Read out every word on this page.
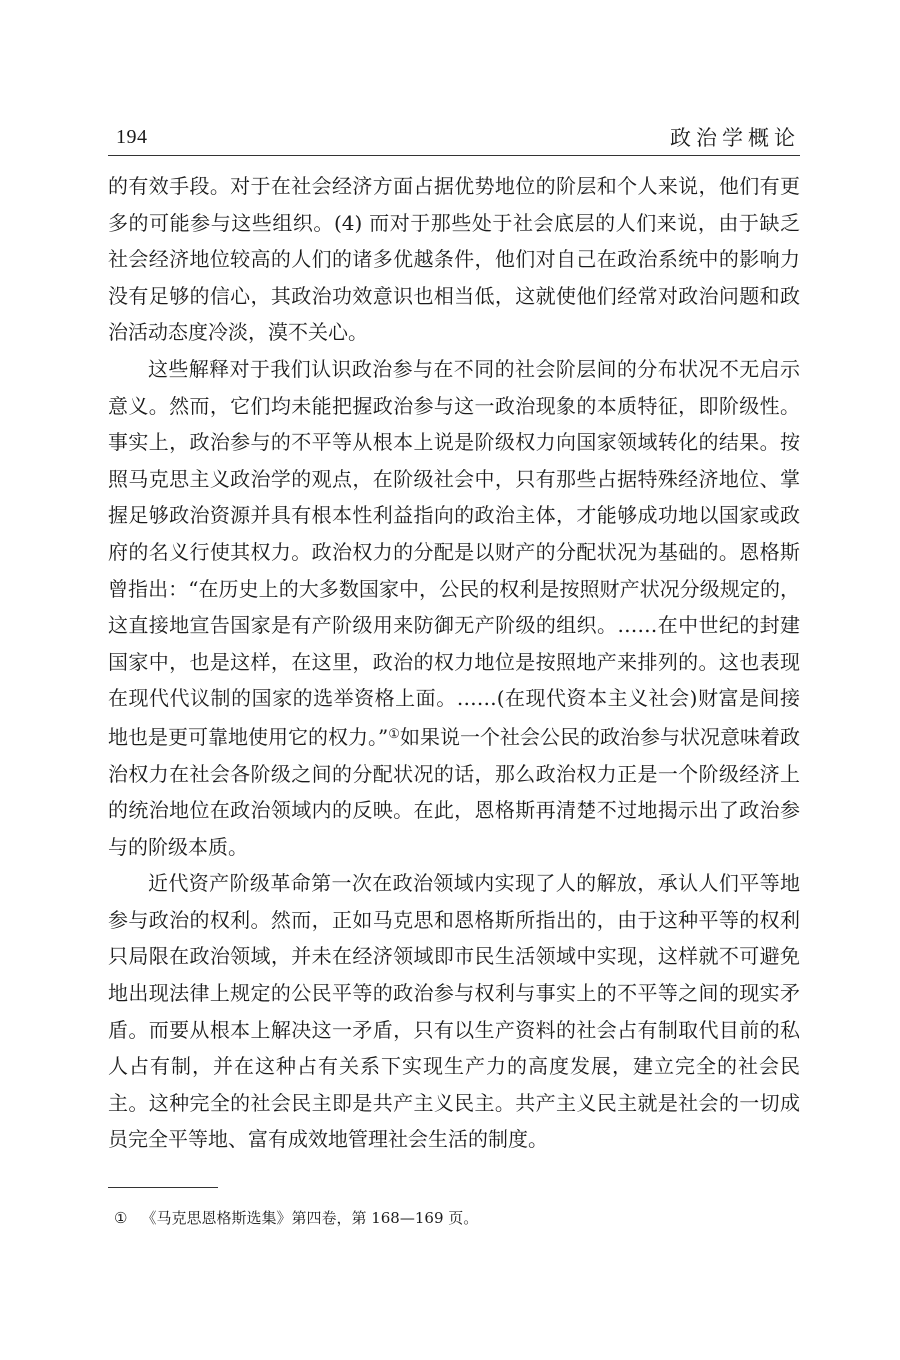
194	政治学概论

的有效手段。对于在社会经济方面占据优势地位的阶层和个人来说，他们有更多的可能参与这些组织。(4) 而对于那些处于社会底层的人们来说，由于缺乏社会经济地位较高的人们的诸多优越条件，他们对自己在政治系统中的影响力没有足够的信心，其政治功效意识也相当低，这就使他们经常对政治问题和政治活动态度冷淡，漠不关心。

这些解释对于我们认识政治参与在不同的社会阶层间的分布状况不无启示意义。然而，它们均未能把握政治参与这一政治现象的本质特征，即阶级性。事实上，政治参与的不平等从根本上说是阶级权力向国家领域转化的结果。按照马克思主义政治学的观点，在阶级社会中，只有那些占据特殊经济地位、掌握足够政治资源并具有根本性利益指向的政治主体，才能够成功地以国家或政府的名义行使其权力。政治权力的分配是以财产的分配状况为基础的。恩格斯曾指出：“在历史上的大多数国家中，公民的权利是按照财产状况分级规定的，这直接地宣告国家是有产阶级用来防御无产阶级的组织。……在中世纪的封建国家中，也是这样，在这里，政治的权力地位是按照地产来排列的。这也表现在现代代议制的国家的选举资格上面。……(在现代资本主义社会)财富是间接地也是更可靠地使用它的权力。”①如果说一个社会公民的政治参与状况意味着政治权力在社会各阶级之间的分配状况的话，那么政治权力正是一个阶级经济上的统治地位在政治领域内的反映。在此，恩格斯再清楚不过地揭示出了政治参与的阶级本质。

近代资产阶级革命第一次在政治领域内实现了人的解放，承认人们平等地参与政治的权利。然而，正如马克思和恩格斯所指出的，由于这种平等的权利只局限在政治领域，并未在经济领域即市民生活领域中实现，这样就不可避免地出现法律上规定的公民平等的政治参与权利与事实上的不平等之间的现实矛盾。而要从根本上解决这一矛盾，只有以生产资料的社会占有制取代目前的私人占有制，并在这种占有关系下实现生产力的高度发展，建立完全的社会民主。这种完全的社会民主即是共产主义民主。共产主义民主就是社会的一切成员完全平等地、富有成效地管理社会生活的制度。

① 《马克思恩格斯选集》第四卷，第 168—169 页。
